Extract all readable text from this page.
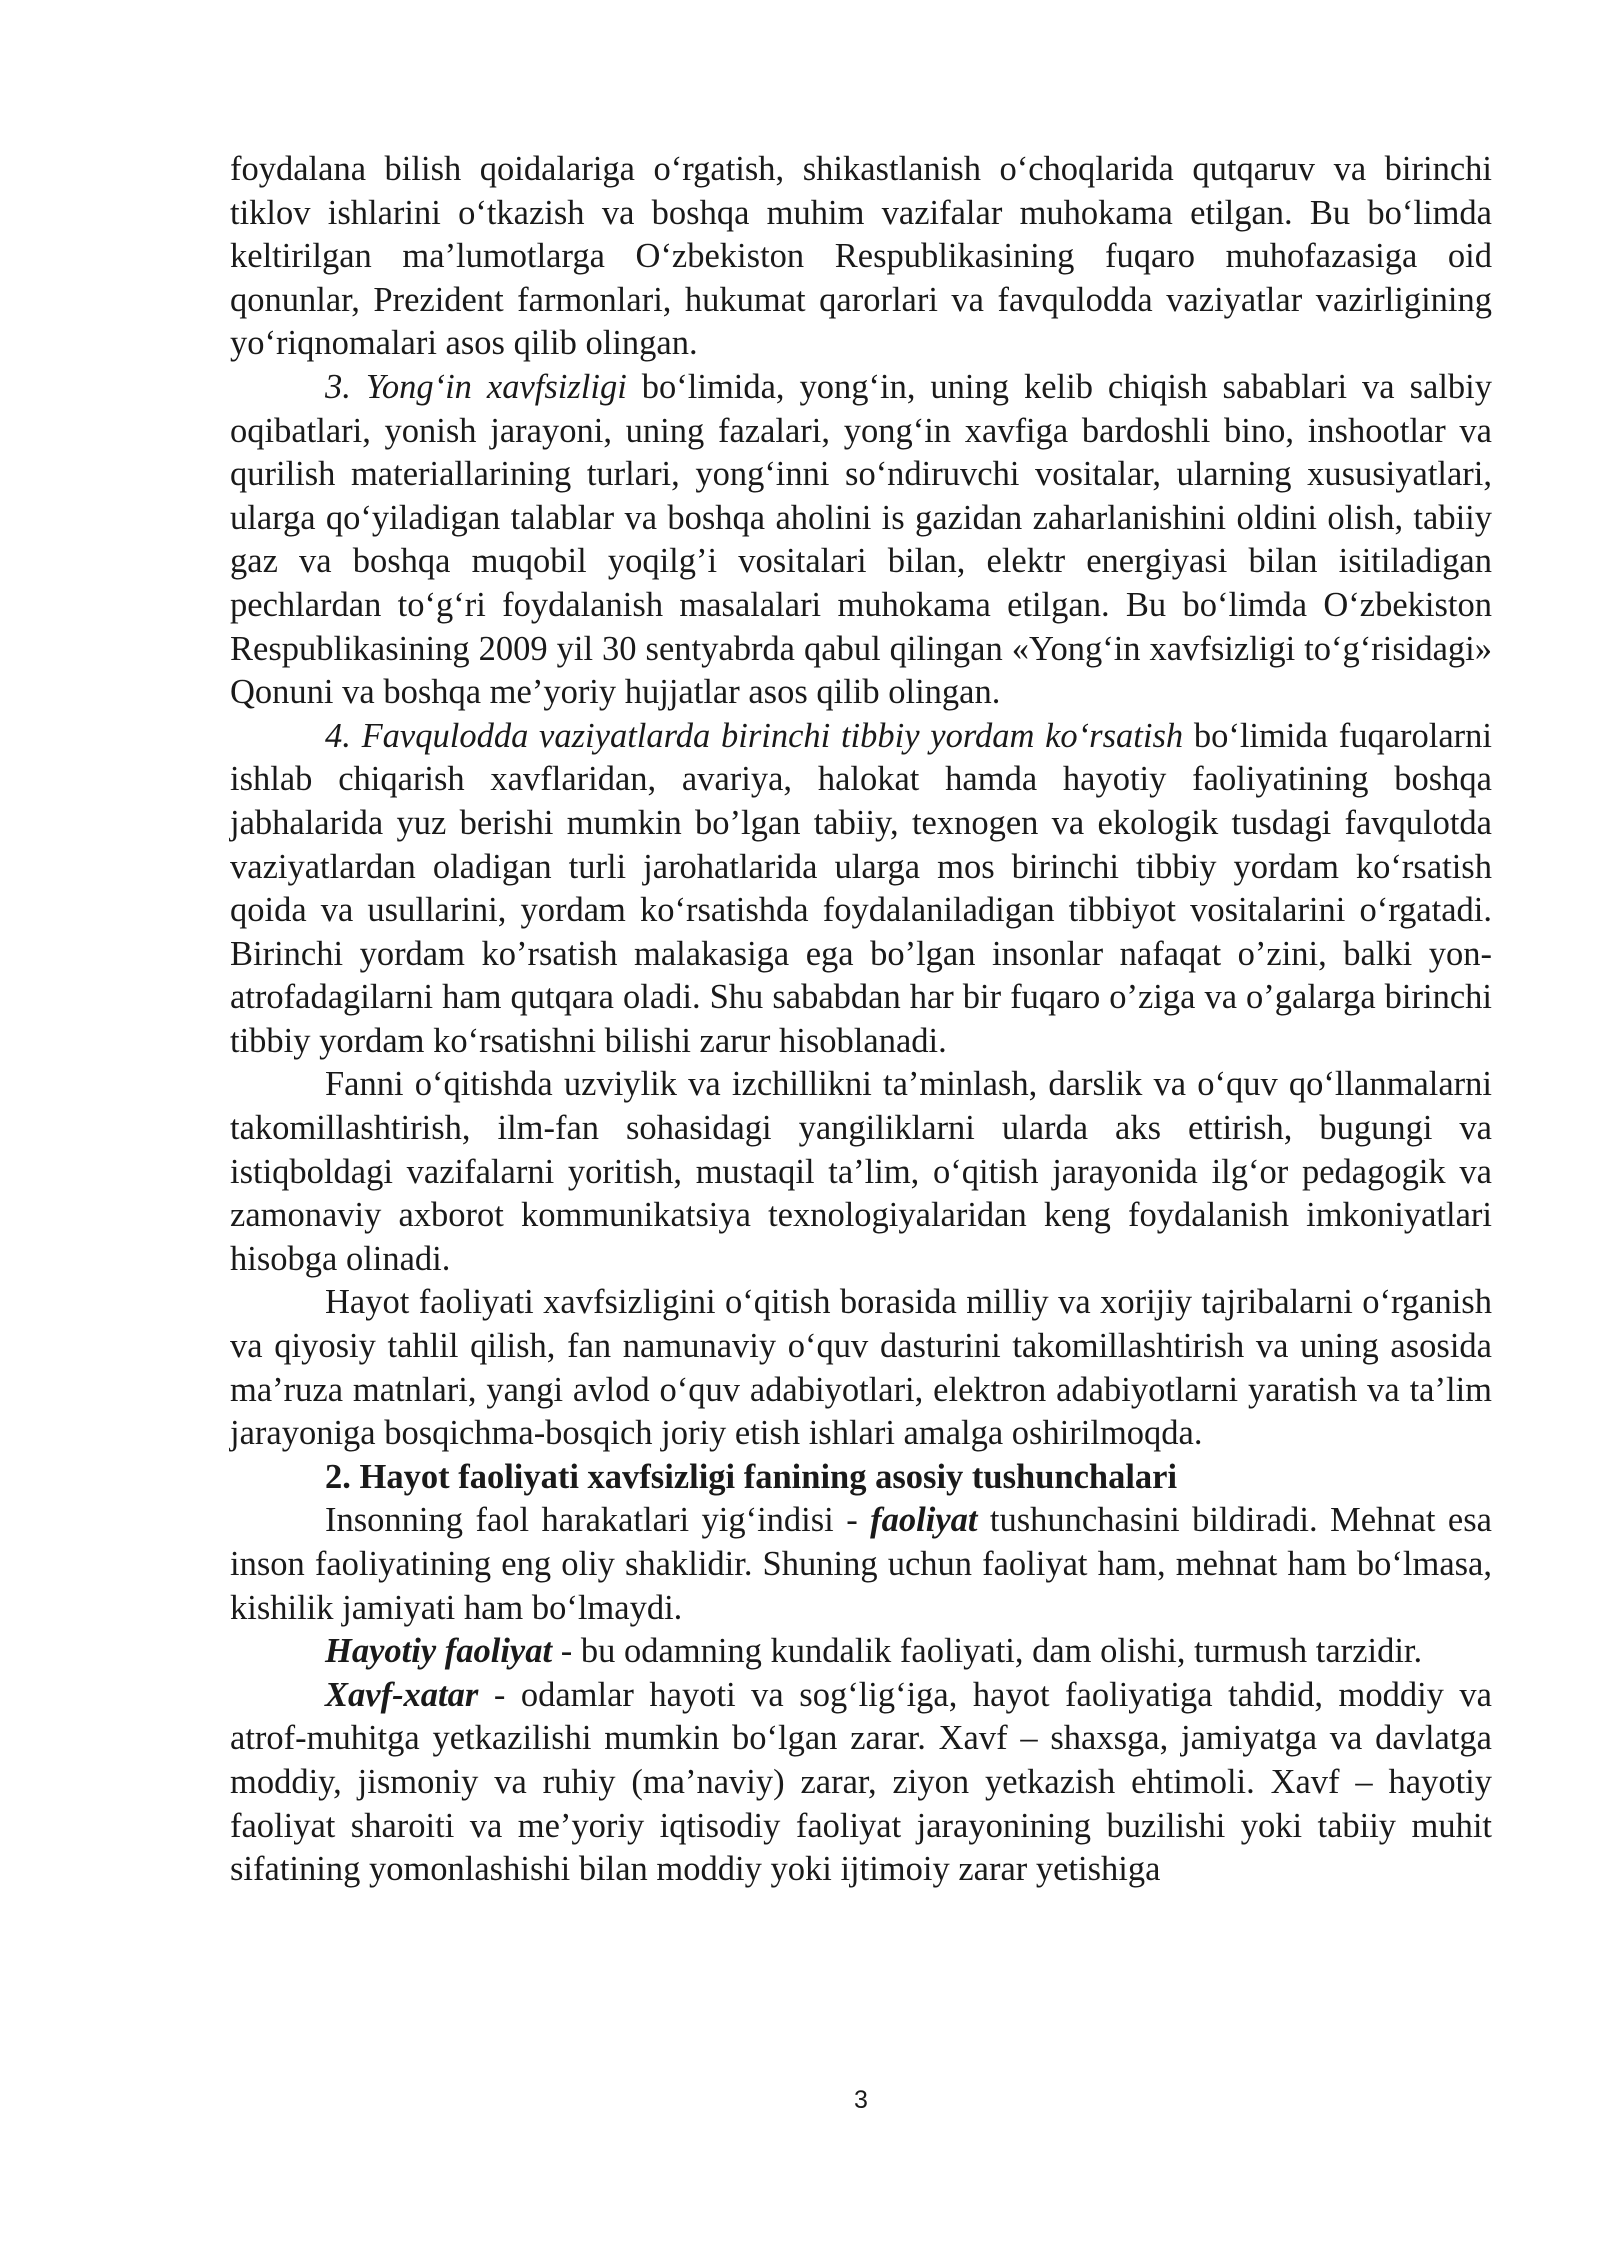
foydalana bilish qoidalariga o‘rgatish, shikastlanish o‘choqlarida qutqaruv va birinchi tiklov ishlarini o‘tkazish va boshqa muhim vazifalar muhokama etilgan. Bu bo‘limda keltirilgan ma’lumotlarga O‘zbekiston Respublikasining fuqaro muhofazasiga oid qonunlar, Prezident farmonlari, hukumat qarorlari va favqulodda vaziyatlar vazirligining yo‘riqnomalari asos qilib olingan.

3. Yong‘in xavfsizligi bo‘limida, yong‘in, uning kelib chiqish sabablari va salbiy oqibatlari, yonish jarayoni, uning fazalari, yong‘in xavfiga bardoshli bino, inshootlar va qurilish materiallarining turlari, yong‘inni so‘ndiruvchi vositalar, ularning xususiyatlari, ularga qo‘yiladigan talablar va boshqa aholini is gazidan zaharlanishini oldini olish, tabiiy gaz va boshqa muqobil yoqilg’i vositalari bilan, elektr energiyasi bilan isitiladigan pechlardan to‘g‘ri foydalanish masalalari muhokama etilgan. Bu bo‘limda O‘zbekiston Respublikasining 2009 yil 30 sentyabrda qabul qilingan «Yong‘in xavfsizligi to‘g‘risidagi» Qonuni va boshqa me’yoriy hujjatlar asos qilib olingan.

4. Favqulodda vaziyatlarda birinchi tibbiy yordam ko‘rsatish bo‘limida fuqarolarni ishlab chiqarish xavflaridan, avariya, halokat hamda hayotiy faoliyatining boshqa jabhalarida yuz berishi mumkin bo’lgan tabiiy, texnogen va ekologik tusdagi favqulotda vaziyatlardan oladigan turli jarohatlarida ularga mos birinchi tibbiy yordam ko‘rsatish qoida va usullarini, yordam ko‘rsatishda foydalaniladigan tibbiyot vositalarini o‘rgatadi. Birinchi yordam ko’rsatish malakasiga ega bo’lgan insonlar nafaqat o’zini, balki yon-atrofadagilarni ham qutqara oladi. Shu sababdan har bir fuqaro o’ziga va o’galarga birinchi tibbiy yordam ko‘rsatishni bilishi zarur hisoblanadi.

Fanni o‘qitishda uzviylik va izchillikni ta’minlash, darslik va o‘quv qo‘llanmalarni takomillashtirish, ilm-fan sohasidagi yangiliklarni ularda aks ettirish, bugungi va istiqboldagi vazifalarni yoritish, mustaqil ta’lim, o‘qitish jarayonida ilg‘or pedagogik va zamonaviy axborot kommunikatsiya texnologiyalaridan keng foydalanish imkoniyatlari hisobga olinadi.

Hayot faoliyati xavfsizligini o‘qitish borasida milliy va xorijiy tajribalarni o‘rganish va qiyosiy tahlil qilish, fan namunaviy o‘quv dasturini takomillashtirish va uning asosida ma’ruza matnlari, yangi avlod o‘quv adabiyotlari, elektron adabiyotlarni yaratish va ta’lim jarayoniga bosqichma-bosqich joriy etish ishlari amalga oshirilmoqda.

2. Hayot faoliyati xavfsizligi fanining asosiy tushunchalari

Insonning faol harakatlari yig‘indisi - faoliyat tushunchasini bildiradi. Mehnat esa inson faoliyatining eng oliy shaklidir. Shuning uchun faoliyat ham, mehnat ham bo‘lmasa, kishilik jamiyati ham bo‘lmaydi.

Hayotiy faoliyat - bu odamning kundalik faoliyati, dam olishi, turmush tarzidir.

Xavf-xatar - odamlar hayoti va sog‘lig‘iga, hayot faoliyatiga tahdid, moddiy va atrof-muhitga yetkazilishi mumkin bo‘lgan zarar. Xavf – shaxsga, jamiyatga va davlatga moddiy, jismoniy va ruhiy (ma’naviy) zarar, ziyon yetkazish ehtimoli. Xavf – hayotiy faoliyat sharoiti va me’yoriy iqtisodiy faoliyat jarayonining buzilishi yoki tabiiy muhit sifatining yomonlashishi bilan moddiy yoki ijtimoiy zarar yetishiga

3
